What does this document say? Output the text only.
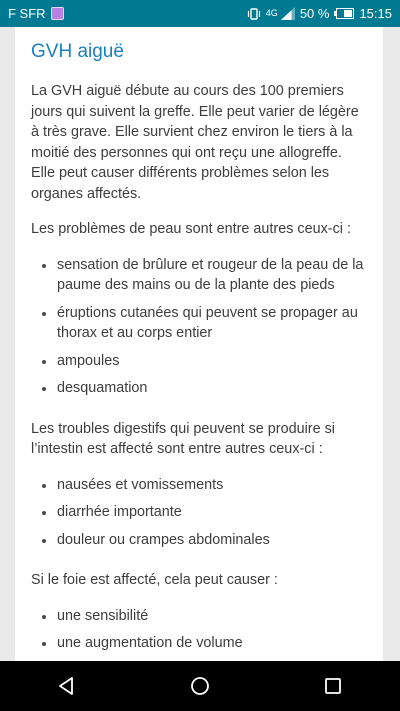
F SFR	4G 50 % 15:15
GVH aiguë

La GVH aiguë débute au cours des 100 premiers jours qui suivent la greffe. Elle peut varier de légère à très grave. Elle survient chez environ le tiers à la moitié des personnes qui ont reçu une allogreffe. Elle peut causer différents problèmes selon les organes affectés.

Les problèmes de peau sont entre autres ceux-ci :

sensation de brûlure et rougeur de la peau de la paume des mains ou de la plante des pieds
éruptions cutanées qui peuvent se propager au thorax et au corps entier
ampoules
desquamation

Les troubles digestifs qui peuvent se produire si l’intestin est affecté sont entre autres ceux-ci :

nausées et vomissements
diarrhée importante
douleur ou crampes abdominales

Si le foie est affecté, cela peut causer :

une sensibilité
une augmentation de volume
